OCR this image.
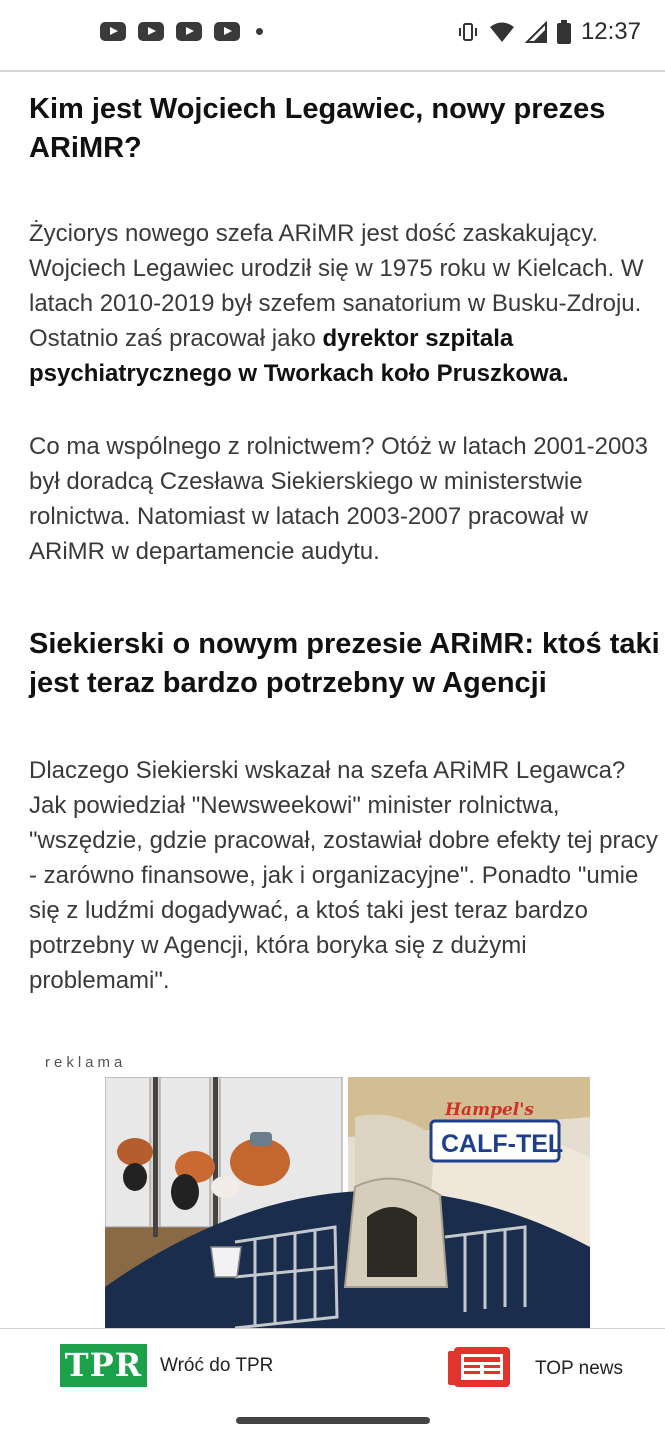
12:37
Kim jest Wojciech Legawiec, nowy prezes ARiMR?

Życiorys nowego szefa ARiMR jest dość zaskakujący. Wojciech Legawiec urodził się w 1975 roku w Kielcach. W latach 2010-2019 był szefem sanatorium w Busku-Zdroju. Ostatnio zaś pracował jako dyrektor szpitala psychiatrycznego w Tworkach koło Pruszkowa.

Co ma wspólnego z rolnictwem? Otóż w latach 2001-2003 był doradcą Czesława Siekierskiego w ministerstwie rolnictwa. Natomiast w latach 2003-2007 pracował w ARiMR w departamencie audytu.

Siekierski o nowym prezesie ARiMR: ktoś taki jest teraz bardzo potrzebny w Agencji

Dlaczego Siekierski wskazał na szefa ARiMR Legawca? Jak powiedział "Newsweekowi" minister rolnictwa, "wszędzie, gdzie pracował, zostawiał dobre efekty tej pracy - zarówno finansowe, jak i organizacyjne". Ponadto "umie się z ludźmi dogadywać, a ktoś taki jest teraz bardzo potrzebny w Agencji, która boryka się z dużymi problemami".

reklama
Hampel's
CALF-TEL
TPR Wróć do TPR	TOP news
